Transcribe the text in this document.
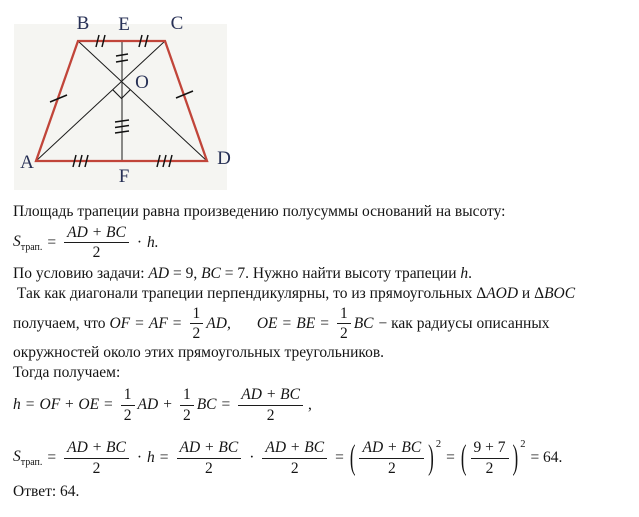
B E C
A	D
F
O

Площадь трапеции равна произведению полусуммы оснований на высоту:

$S_{трап.} = \frac{AD + BC}{2} \cdot h$.

По условию задачи: AD = 9, BC = 7. Нужно найти высоту трапеции h.

Так как диагонали трапеции перпендикулярны, то из прямоугольных ΔAOD и ΔBOC

получаем, что
OF = AF = $\frac{1}{2}$ AD, OE = BE = $\frac{1}{2}$ BC − как радиусы описанных

окружностей около этих прямоугольных треугольников.

Тогда получаем:

h = OF + OE = $\frac{1}{2}$ AD + $\frac{1}{2}$ BC = $\frac{AD + BC}{2}$ ,
$S_{трап.} = \frac{AD + BC}{2} \cdot h = \frac{AD + BC}{2} \cdot \frac{AD + BC}{2}$ = ( $\frac{AD + BC}{2}$ ) 2
= ( $\frac{9 + 7}{2}$ ) 2
= 64.

Ответ: 64.
